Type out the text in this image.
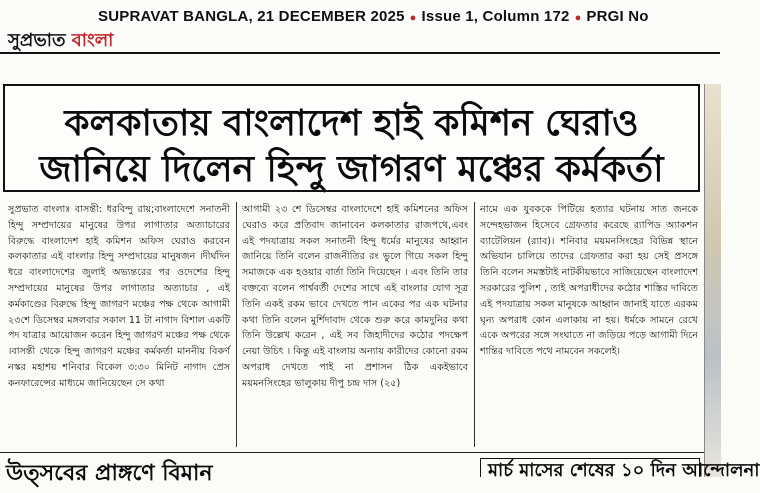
SUPRAVAT BANGLA, 21 DECEMBER 2025 ● Issue 1, Column 172 ● PRGI No
সুপ্রভাত বাংলা
কলকাতায় বাংলাদেশ হাই কমিশন ঘেরাও
জানিয়ে দিলেন হিন্দু জাগরণ মঞ্চের কর্মকর্তা
সুপ্রভাত বাংলাঃ বাসন্তী: ধরবিন্দু রায়;বাংলাদেশে সনাতনী হিন্দু সম্প্রদায়ের মানুষের উপর লাগাতার অত্যাচারের বিরুদ্ধে বাংলাদেশ হাই কমিশন অফিস ঘেরাও করবেন কলকাতার এই বাংলার হিন্দু সম্প্রদায়ের মানুষজন ।দীর্ঘদিন ধরে বাংলাদেশের জুলাই অভ্যন্তরের পর ওদেশের হিন্দু সম্প্রদায়ের মানুষের উপর লাগাতার অত্যাচার , এই কর্মকাণ্ডের বিরুদ্ধে হিন্দু জাগরণ মঞ্চের পক্ষ থেকে আগামী ২৩শে ডিসেম্বর মঙ্গলবার সকাল 11 টা নাগাদ বিশাল একটি পদ যাত্রার আয়োজন করেন হিন্দু জাগরণ মঞ্চের পক্ষ থেকে ।বাসন্তী থেকে হিন্দু জাগরণ মঞ্চের কর্মকর্তা মাননীয় বিকর্ণ নস্কর মহাশয় শনিবার বিকেল ৩:৩০ মিনিট নাগাদ প্রেস কনফারেন্সের মাধ্যমে জানিয়েছেন সে কথা
আগামী ২৩ শে ডিসেম্বর বাংলাদেশে হাই কমিশনের অফিস ঘেরাও করে প্রতিবাদ জানাবেন কলকাতার রাজপথে,এবং এই পদযাত্রায় সকল সনাতনী হিন্দু ধর্মের মানুষের আহ্বান জানিয়ে তিনি বলেন রাজনীতির রং ভুলে গিয়ে সকল হিন্দু সমাজকে এক হওয়ার বার্তা তিনি দিয়েছেন । এবং তিনি তার বক্তব্যে বলেন পার্শ্ববর্তী দেশের সাথে এই বাংলার যোগ সূত্র তিনি একই রকম ভাবে দেখতে পান একের পর এক ঘটনার কথা তিনি বলেন মুর্শিদাবাদ থেকে শুরু করে কামদুনির কথা তিনি উল্লেখ করেন , এই সব জিহাদীদের কঠোর পদক্ষেপ নেয়া উচিৎ । কিন্তু এই বাংলায় অন্যায় কারীদের কোনো রকম অপরাধ দেখতে পাই না প্রশাসন ঠিক একইভাবে ময়মনসিংহের ভালুকায় দীপু চন্দ্র দাস (২৫)
নামে এক যুবককে পিটিয়ে হত্যার ঘটনায় সাত জনকে সন্দেহভাজন হিসেবে গ্রেফতার করেছে র‍্যাপিড অ্যাকশন ব্যাটেলিয়ন (র‍্যাব)। শনিবার ময়মনসিংহের বিভিন্ন স্থানে অভিযান চালিয়ে তাদের গ্রেফতার করা হয় সেই প্রসঙ্গে তিনি বলেন সমস্তটাই নাটকীয়ভাবে সাজিয়েছেন বাংলাদেশ সরকারের পুলিশ , তাই অপরাধীদের কঠোর শাস্তির দাবিতে এই পদযাত্রায় সকল মানুষকে আহ্বান জানাই যাতে এরকম ঘৃন্য অপরাধ কোন এলাকায় না হয়। ধর্মকে সামনে রেখে একে অপরের সঙ্গে সংঘাতে না জড়িয়ে পড়ে আগামী দিনে শান্তির দাবিতে পথে নামবেন সকলেই।
উত্সবের প্রাঙ্গণে বিমান	মার্চ মাসের শেষের ১০ দিন আন্দোলনা
